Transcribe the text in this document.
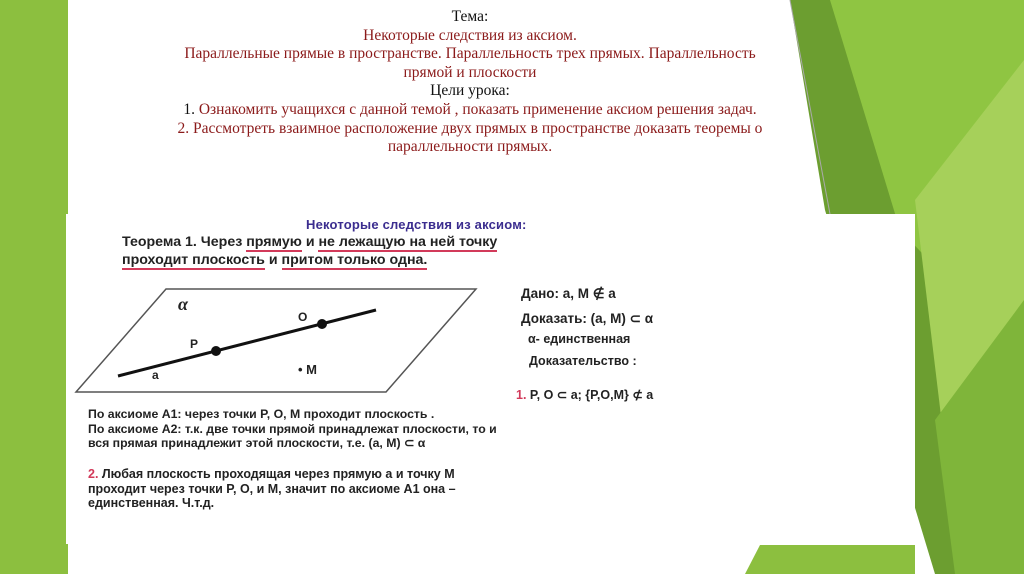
Тема:
Некоторые следствия из аксиом.
Параллельные прямые в пространстве. Параллельность трех прямых. Параллельность
прямой и плоскости
Цели урока:
1. Ознакомить учащихся с данной темой , показать применение аксиом решения задач.
2. Рассмотреть взаимное расположение двух прямых в пространстве доказать теоремы о
параллельности прямых.
Некоторые следствия из аксиом:
Теорема 1. Через прямую и не лежащую на ней точку
проходит плоскость и притом только одна.
α
O
P
a	• M
Дано: a, M ∉ a
Доказать: (a, M) ⊂ α
α- единственная
Доказательство :
1. P, O ⊂ a; {P,O,M} ⊄ a
По аксиоме А1: через точки P, O, M проходит плоскость .
По аксиоме А2: т.к. две точки прямой принадлежат плоскости, то и
вся прямая принадлежит этой плоскости, т.е. (a, M) ⊂ α
2. Любая плоскость проходящая через прямую a и точку M
проходит через точки P, O, и M, значит по аксиоме А1 она –
единственная. Ч.т.д.
